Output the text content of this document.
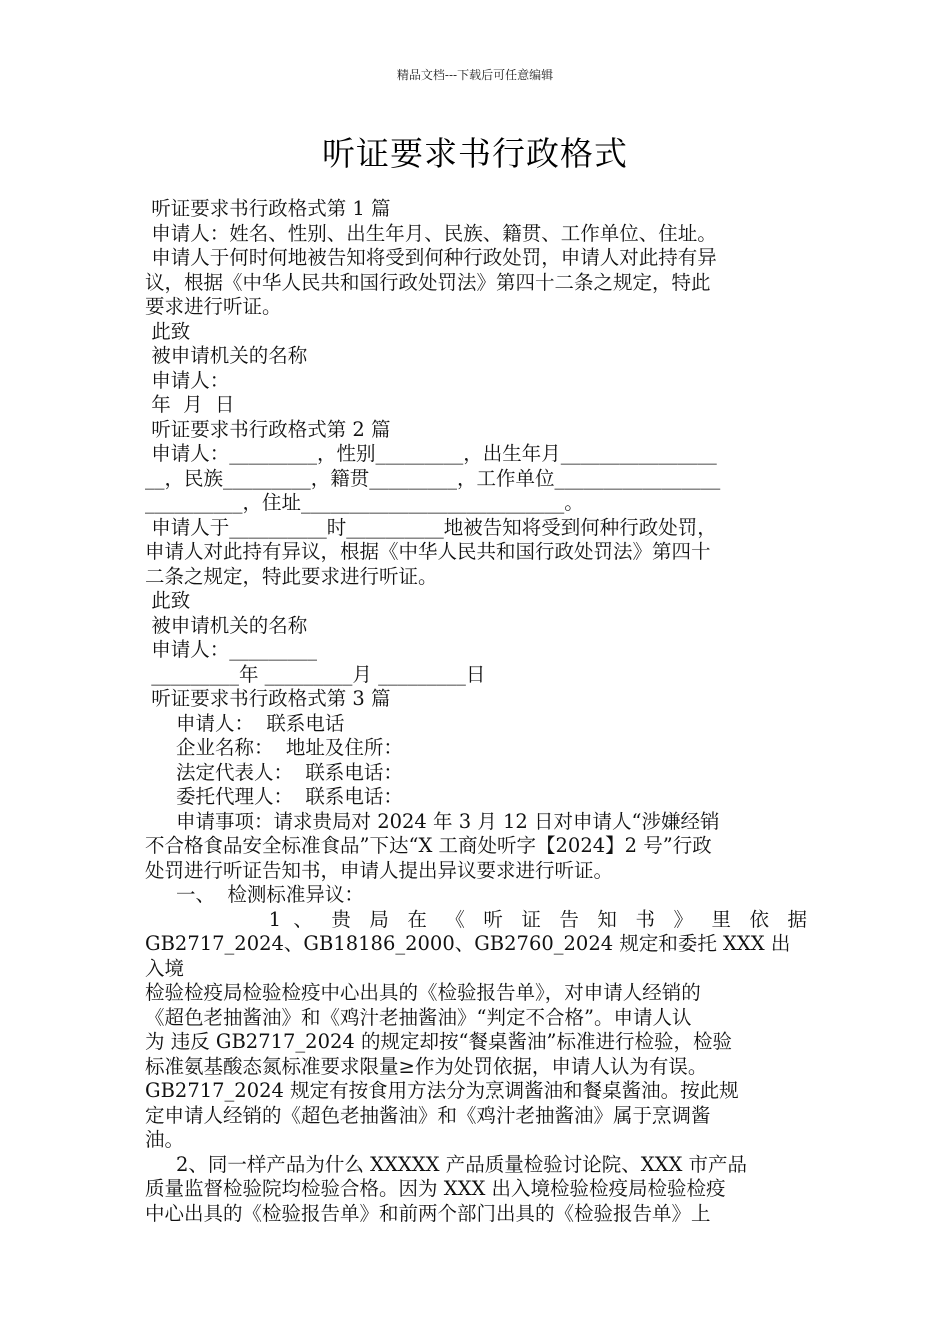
精品文档---下载后可任意编辑
听证要求书行政格式
听证要求书行政格式第 1 篇
申请人：姓名、性别、出生年月、民族、籍贯、工作单位、住址。
申请人于何时何地被告知将受到何种行政处罚，申请人对此持有异
议，根据《中华人民共和国行政处罚法》第四十二条之规定，特此
要求进行听证。
此致
被申请机关的名称
申请人：
年  月  日
听证要求书行政格式第 2 篇
申请人：_________，性别_________，出生年月________________
__，民族_________，籍贯_________，工作单位_________________
__________，住址___________________________。
申请人于__________时__________地被告知将受到何种行政处罚，
申请人对此持有异议，根据《中华人民共和国行政处罚法》第四十
二条之规定，特此要求进行听证。
此致
被申请机关的名称
申请人：_________
_________年 _________月 _________日
听证要求书行政格式第 3 篇
申请人：  联系电话
企业名称：  地址及住所：
法定代表人：  联系电话：
委托代理人：  联系电话：
申请事项：请求贵局对 2024 年 3 月 12 日对申请人“涉嫌经销
不合格食品安全标准食品”下达“X 工商处听字【2024】2 号”行政
处罚进行听证告知书，申请人提出异议要求进行听证。
一、  检测标准异议：
1 、 贵 局 在 《 听 证 告 知 书 》 里 依 据
GB2717_2024、GB18186_2000、GB2760_2024 规定和委托 XXX 出入境
检验检疫局检验检疫中心出具的《检验报告单》，对申请人经销的
《超色老抽酱油》和《鸡汁老抽酱油》“判定不合格”。申请人认
为 违反 GB2717_2024 的规定却按“餐桌酱油”标准进行检验，检验
标准氨基酸态氮标准要求限量≥作为处罚依据，申请人认为有误。
GB2717_2024 规定有按食用方法分为烹调酱油和餐桌酱油。按此规
定申请人经销的《超色老抽酱油》和《鸡汁老抽酱油》属于烹调酱
油。
2、同一样产品为什么 XXXXX 产品质量检验讨论院、XXX 市产品
质量监督检验院均检验合格。因为 XXX 出入境检验检疫局检验检疫
中心出具的《检验报告单》和前两个部门出具的《检验报告单》上
